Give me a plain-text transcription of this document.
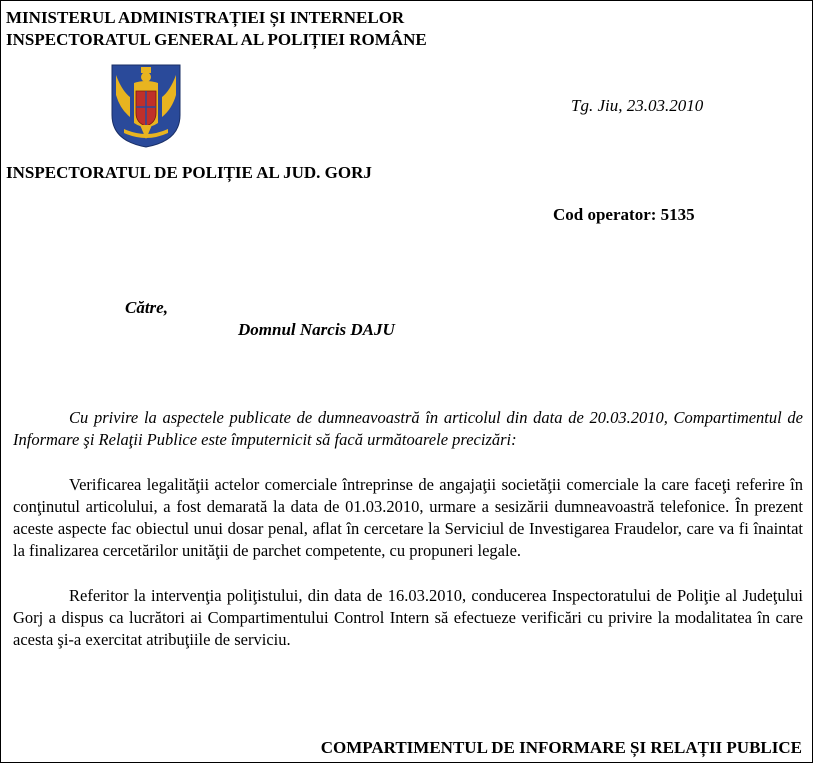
MINISTERUL ADMINISTRAȚIEI ȘI INTERNELOR
INSPECTORATUL GENERAL AL POLIȚIEI ROMÂNE
Tg. Jiu, 23.03.2010
INSPECTORATUL DE POLIȚIE AL JUD. GORJ
Cod operator: 5135
Către,
Domnul Narcis DAJU

Cu privire la aspectele publicate de dumneavoastră în articolul din data de 20.03.2010, Compartimentul de Informare şi Relaţii Publice este împuternicit să facă următoarele precizări:

Verificarea legalităţii actelor comerciale întreprinse de angajaţii societăţii comerciale la care faceţi referire în conţinutul articolului, a fost demarată la data de 01.03.2010, urmare a sesizării dumneavoastră telefonice. În prezent aceste aspecte fac obiectul unui dosar penal, aflat în cercetare la Serviciul de Investigarea Fraudelor, care va fi înaintat la finalizarea cercetărilor unităţii de parchet competente, cu propuneri legale.

Referitor la intervenţia poliţistului, din data de 16.03.2010, conducerea Inspectoratului de Poliţie al Judeţului Gorj a dispus ca lucrători ai Compartimentului Control Intern să efectueze verificări cu privire la modalitatea în care acesta şi-a exercitat atribuţiile de serviciu.

COMPARTIMENTUL DE INFORMARE ȘI RELAȚII PUBLICE
